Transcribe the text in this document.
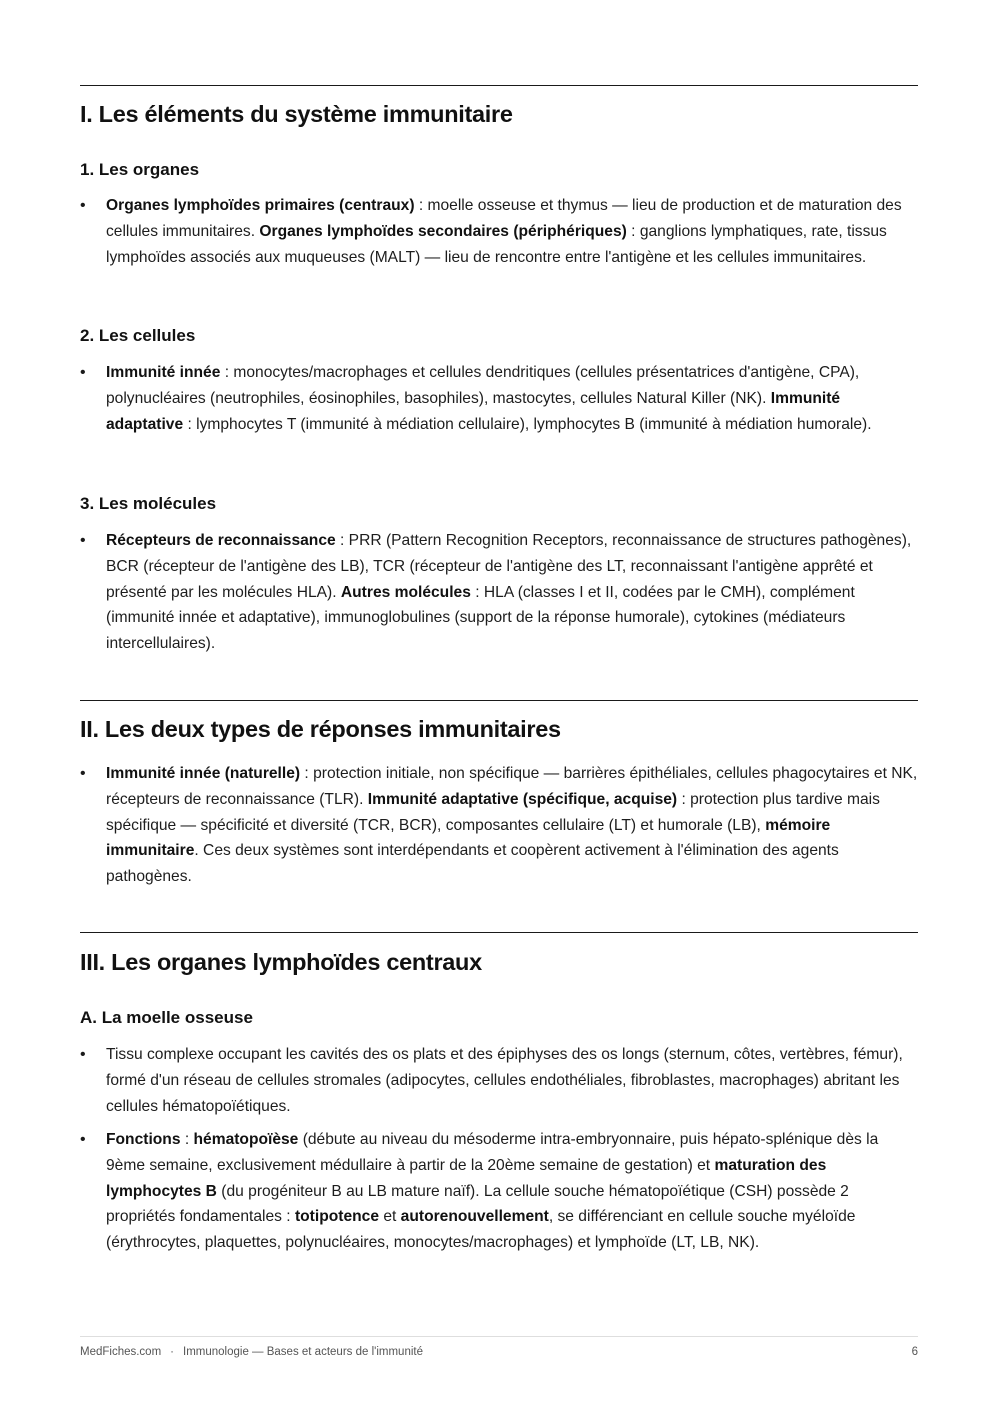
I. Les éléments du système immunitaire
1. Les organes
• Organes lymphoïdes primaires (centraux) : moelle osseuse et thymus — lieu de production et de maturation des cellules immunitaires. Organes lymphoïdes secondaires (périphériques) : ganglions lymphatiques, rate, tissus lymphoïdes associés aux muqueuses (MALT) — lieu de rencontre entre l'antigène et les cellules immunitaires.
2. Les cellules
• Immunité innée : monocytes/macrophages et cellules dendritiques (cellules présentatrices d'antigène, CPA), polynucléaires (neutrophiles, éosinophiles, basophiles), mastocytes, cellules Natural Killer (NK). Immunité adaptative : lymphocytes T (immunité à médiation cellulaire), lymphocytes B (immunité à médiation humorale).
3. Les molécules
• Récepteurs de reconnaissance : PRR (Pattern Recognition Receptors, reconnaissance de structures pathogènes), BCR (récepteur de l'antigène des LB), TCR (récepteur de l'antigène des LT, reconnaissant l'antigène apprêté et présenté par les molécules HLA). Autres molécules : HLA (classes I et II, codées par le CMH), complément (immunité innée et adaptative), immunoglobulines (support de la réponse humorale), cytokines (médiateurs intercellulaires).
II. Les deux types de réponses immunitaires
• Immunité innée (naturelle) : protection initiale, non spécifique — barrières épithéliales, cellules phagocytaires et NK, récepteurs de reconnaissance (TLR). Immunité adaptative (spécifique, acquise) : protection plus tardive mais spécifique — spécificité et diversité (TCR, BCR), composantes cellulaire (LT) et humorale (LB), mémoire immunitaire. Ces deux systèmes sont interdépendants et coopèrent activement à l'élimination des agents pathogènes.
III. Les organes lymphoïdes centraux
A. La moelle osseuse
• Tissu complexe occupant les cavités des os plats et des épiphyses des os longs (sternum, côtes, vertèbres, fémur), formé d'un réseau de cellules stromales (adipocytes, cellules endothéliales, fibroblastes, macrophages) abritant les cellules hématopoïétiques.
• Fonctions : hématopoïèse (débute au niveau du mésoderme intra-embryonnaire, puis hépato-splénique dès la 9ème semaine, exclusivement médullaire à partir de la 20ème semaine de gestation) et maturation des lymphocytes B (du progéniteur B au LB mature naïf). La cellule souche hématopoïétique (CSH) possède 2 propriétés fondamentales : totipotence et autorenouvellement, se différenciant en cellule souche myéloïde (érythrocytes, plaquettes, polynucléaires, monocytes/macrophages) et lymphoïde (LT, LB, NK).
MedFiches.com · Immunologie — Bases et acteurs de l'immunité	6
